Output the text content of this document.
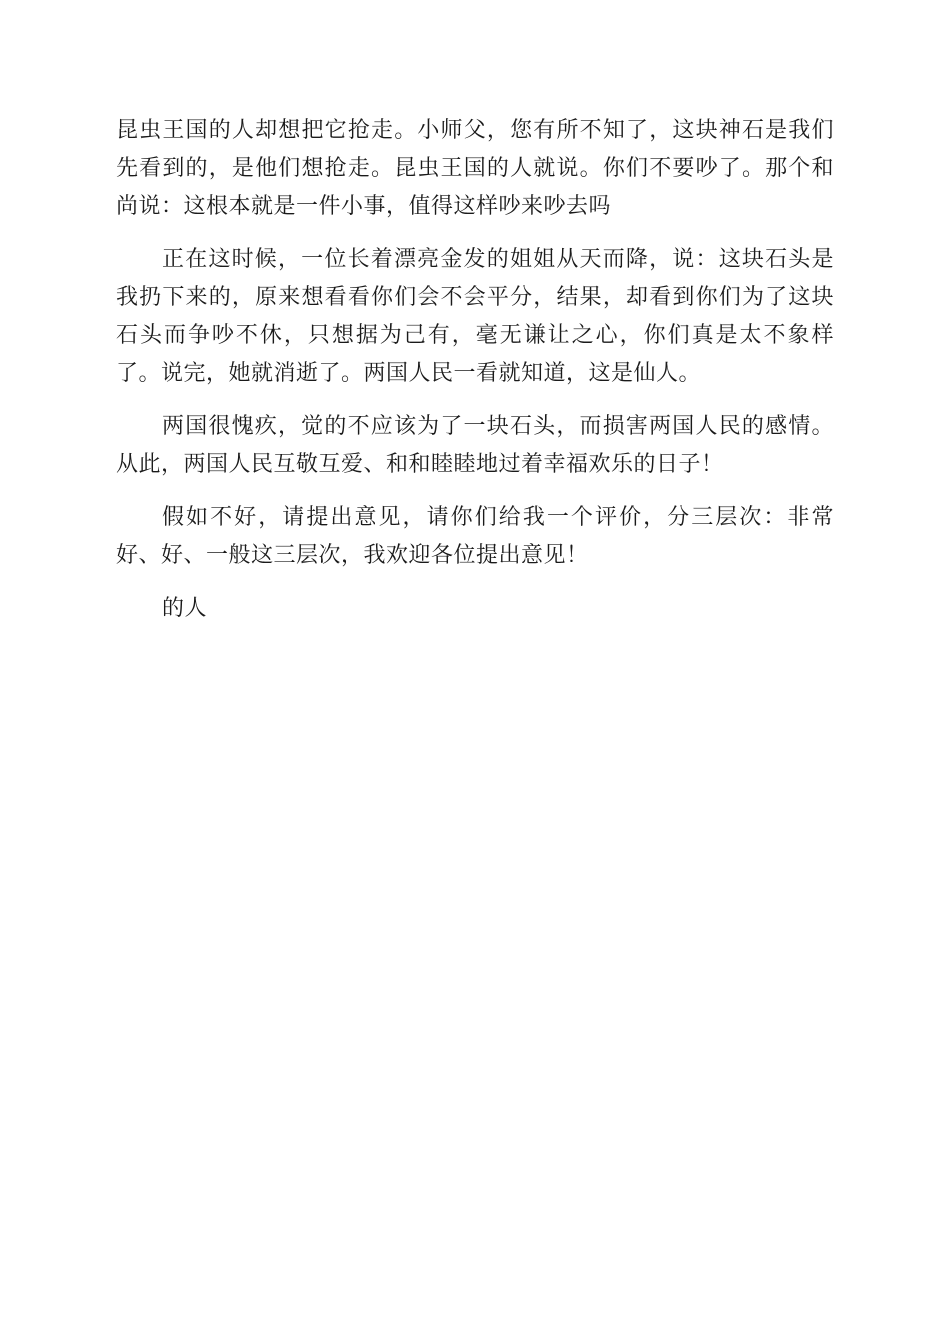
昆虫王国的人却想把它抢走。小师父，您有所不知了，这块神石是我们先看到的，是他们想抢走。昆虫王国的人就说。你们不要吵了。那个和尚说：这根本就是一件小事，值得这样吵来吵去吗

正在这时候，一位长着漂亮金发的姐姐从天而降，说：这块石头是我扔下来的，原来想看看你们会不会平分，结果，却看到你们为了这块石头而争吵不休，只想据为己有，毫无谦让之心，你们真是太不象样了。说完，她就消逝了。两国人民一看就知道，这是仙人。

两国很愧疚，觉的不应该为了一块石头，而损害两国人民的感情。从此，两国人民互敬互爱、和和睦睦地过着幸福欢乐的日子！

假如不好，请提出意见，请你们给我一个评价，分三层次：非常好、好、一般这三层次，我欢迎各位提出意见！

的人
